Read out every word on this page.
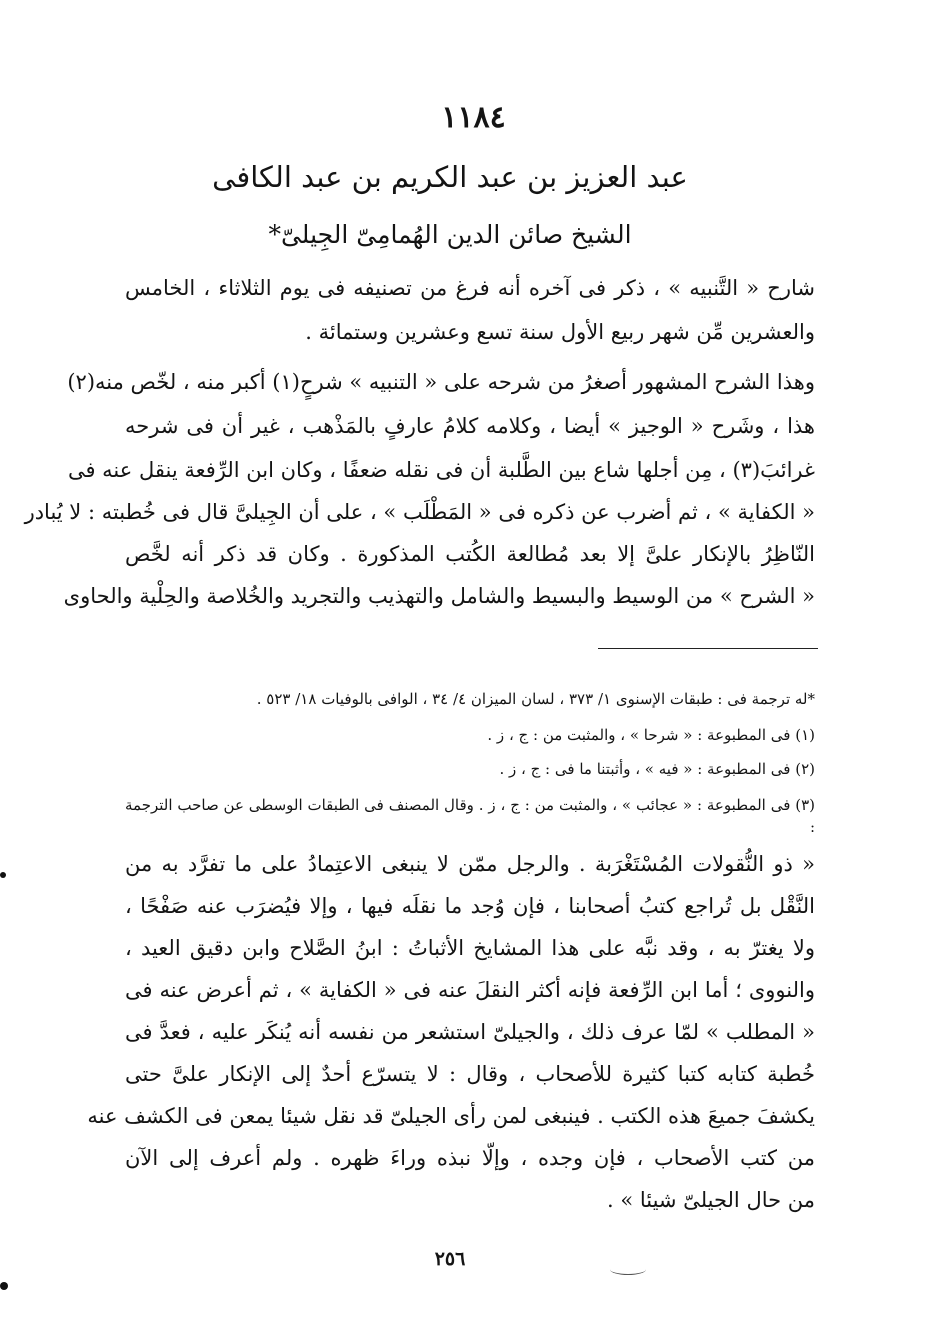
١١٨٤
عبد العزيز بن عبد الكريم بن عبد الكافى
الشيخ صائن الدين الهُمامِىّ الجِيلىّ*
شارح « التَّنبيه » ، ذكر فى آخره أنه فرغ من تصنيفه فى يوم الثلاثاء ، الخامس
والعشرين مِّن شهر ربيع الأول سنة تسع وعشرين وستمائة .
وهذا الشرح المشهور أصغرُ من شرحه على « التنبيه » شرحٍ(١) أكبر منه ، لخّص منه(٢)
هذا ، وشَرح « الوجيز » أيضا ، وكلامه كلامُ عارفٍ بالمَذْهب ، غير أن فى شرحه
غرائبَ(٣) ، مِن أجلها شاع بين الطَّلبة أن فى نقله ضعفًا ، وكان ابن الرِّفعة ينقل عنه فى
« الكفاية » ، ثم أضرب عن ذكره فى « المَطْلَب » ، على أن الجِيلىَّ قال فى خُطبته : لا يُبادر
النّاظِرُ بالإنكار علىَّ إلا بعد مُطالعة الكُتب المذكورة . وكان قد ذكر أنه لخَّص
« الشرح » من الوسيط والبسيط والشامل والتهذيب والتجريد والخُلاصة والحِلْية والحاوى
*له ترجمة فى : طبقات الإسنوى ١/ ٣٧٣ ، لسان الميزان ٤/ ٣٤ ، الوافى بالوفيات ١٨/ ٥٢٣ .
(١) فى المطبوعة : « شرحا » ، والمثبت من : ج ، ز .
(٢) فى المطبوعة : « فيه » ، وأثبتنا ما فى : ج ، ز .
(٣) فى المطبوعة : « عجائب » ، والمثبت من : ج ، ز . وقال المصنف فى الطبقات الوسطى عن صاحب الترجمة :
« ذو النُّقولات المُسْتَغْرَبة . والرجل ممّن لا ينبغى الاعتِمادُ على ما تفرَّد به من
النَّقْل بل تُراجع كتبُ أصحابنا ، فإن وُجد ما نقلَه فيها ، وإلا فيُضرَب عنه صَفْحًا ،
ولا يغترّ به ، وقد نبَّه على هذا المشايخ الأثباتُ : ابنُ الصَّلاح وابن دقيق العيد ،
والنووى ؛ أما ابن الرِّفعة فإنه أكثر النقلَ عنه فى « الكفاية » ، ثم أعرض عنه فى
« المطلب » لمّا عرف ذلك ، والجيلىّ استشعر من نفسه أنه يُنكَر عليه ، فعدَّ فى
خُطبة كتابه كتبا كثيرة للأصحاب ، وقال : لا يتسرّع أحدٌ إلى الإنكار علىَّ حتى
يكشفَ جميعَ هذه الكتب . فينبغى لمن رأى الجيلىّ قد نقل شيئا يمعن فى الكشف عنه
من كتب الأصحاب ، فإن وجده ، وإلّا نبذه وراءَ ظهره . ولم أعرف إلى الآن
من حال الجيلىّ شيئا » .
٢٥٦
